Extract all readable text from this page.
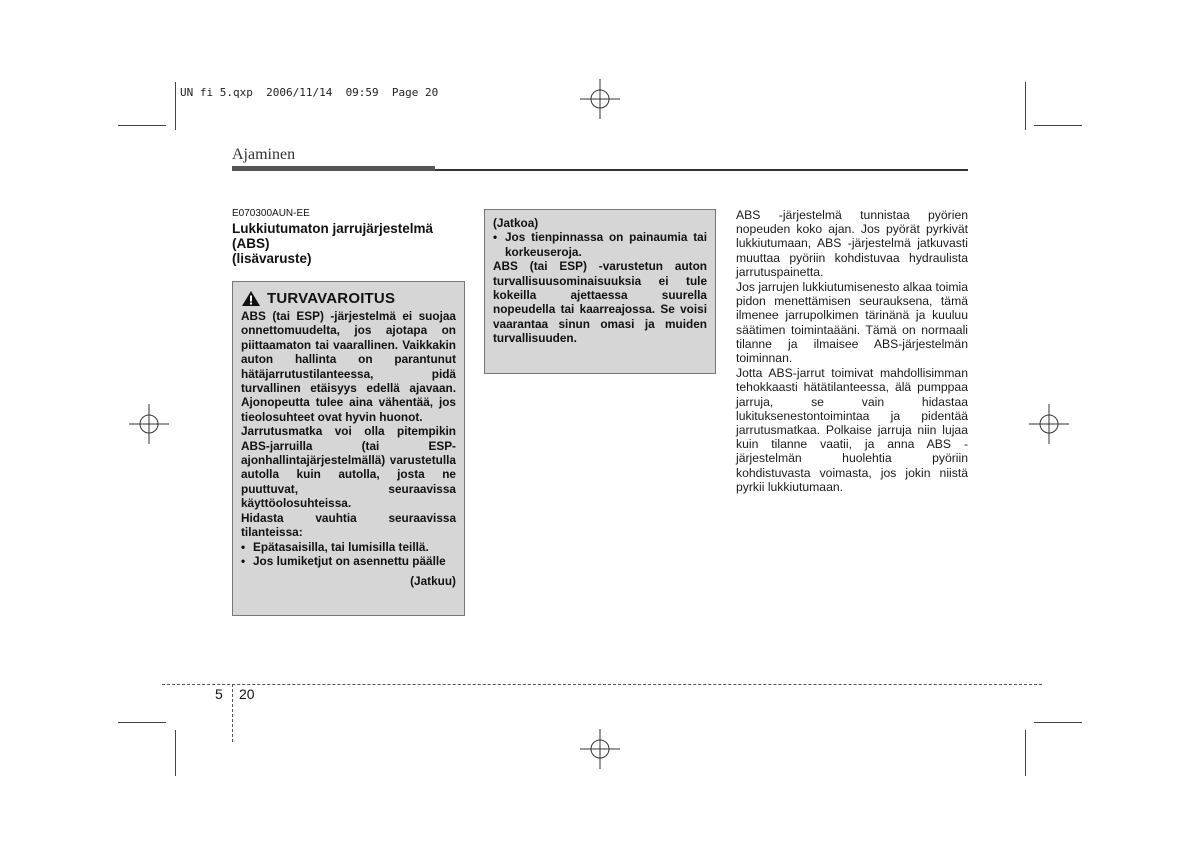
UN fi 5.qxp  2006/11/14  09:59  Page 20
Ajaminen
E070300AUN-EE
Lukkiutumaton jarrujärjestelmä
(ABS)
(lisävaruste)
TURVAVAROITUS

ABS (tai ESP) -järjestelmä ei suojaa onnettomuudelta, jos ajotapa on piittaamaton tai vaarallinen. Vaikkakin auton hallinta on parantunut hätäjarrutustilanteessa, pidä turvallinen etäisyys edellä ajavaan. Ajonopeutta tulee aina vähentää, jos tieolosuhteet ovat hyvin huonot.

Jarrutusmatka voi olla pitempikin ABS-jarruilla (tai ESP-ajonhallintajärjestelmällä) varustetulla autolla kuin autolla, josta ne puuttuvat, seuraavissa käyttöolosuhteissa.

Hidasta vauhtia seuraavissa tilanteissa:

• Epätasaisilla, tai lumisilla teillä.
• Jos lumiketjut on asennettu päälle
(Jatkuu)

(Jatkoa)

• Jos tienpinnassa on painaumia tai korkeuseroja.

ABS (tai ESP) -varustetun auton turvallisuusominaisuuksia ei tule kokeilla ajettaessa suurella nopeudella tai kaarreajossa. Se voisi vaarantaa sinun omasi ja muiden turvallisuuden.

ABS -järjestelmä tunnistaa pyörien nopeuden koko ajan. Jos pyörät pyrkivät lukkiutumaan, ABS -järjestelmä jatkuvasti muuttaa pyöriin kohdistuvaa hydraulista jarrutuspainetta.

Jos jarrujen lukkiutumisenesto alkaa toimia pidon menettämisen seurauksena, tämä ilmenee jarrupolkimen tärinänä ja kuuluu säätimen toimintaääni. Tämä on normaali tilanne ja ilmaisee ABS-järjestelmän toiminnan.

Jotta ABS-jarrut toimivat mahdollisimman tehokkaasti hätätilanteessa, älä pumppaa jarruja, se vain hidastaa lukituksenestontoimintaa ja pidentää jarrutusmatkaa. Polkaise jarruja niin lujaa kuin tilanne vaatii, ja anna ABS -järjestelmän huolehtia pyöriin kohdistuvasta voimasta, jos jokin niistä pyrkii lukkiutumaan.

5 20
